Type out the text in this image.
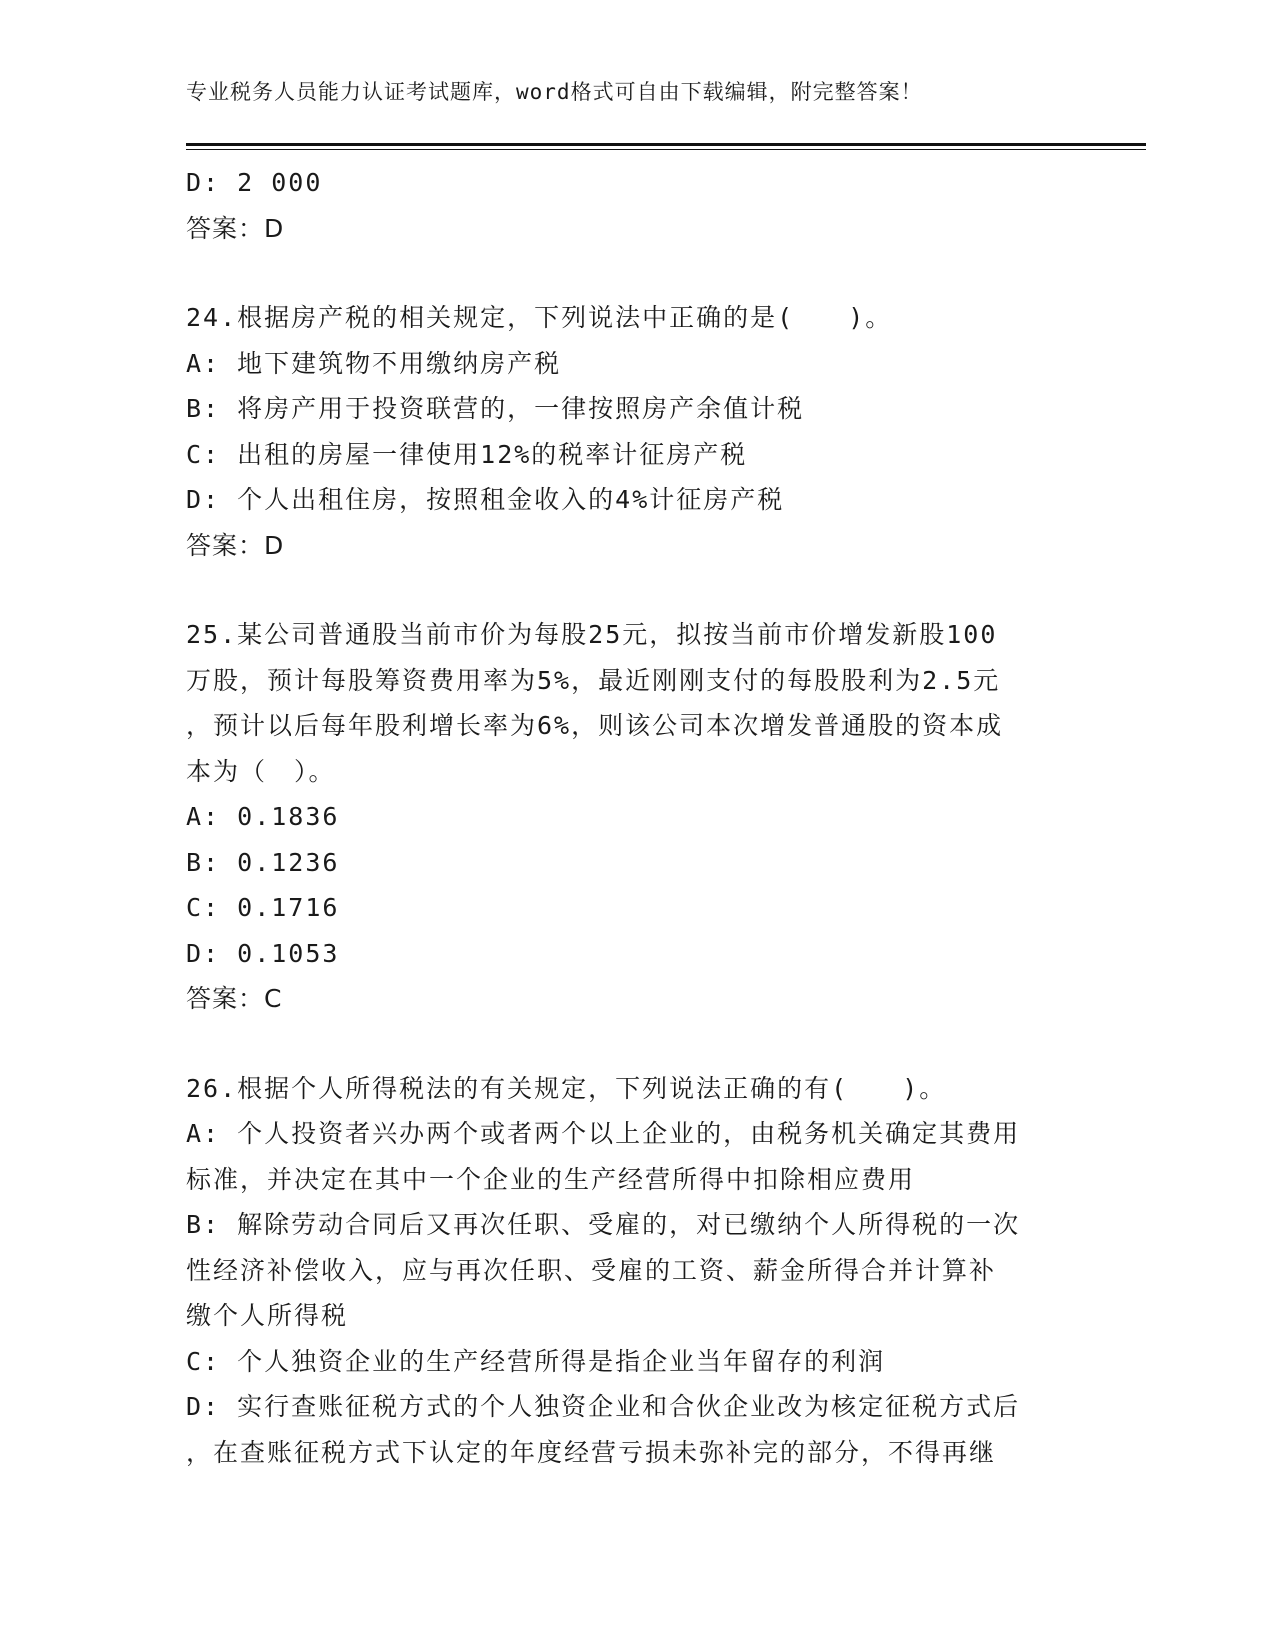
专业税务人员能力认证考试题库，word格式可自由下载编辑，附完整答案！
D: 2 000
答案：D
24.根据房产税的相关规定，下列说法中正确的是(　　)。
A: 地下建筑物不用缴纳房产税
B: 将房产用于投资联营的，一律按照房产余值计税
C: 出租的房屋一律使用12%的税率计征房产税
D: 个人出租住房，按照租金收入的4%计征房产税
答案：D
25.某公司普通股当前市价为每股25元，拟按当前市价增发新股100
万股，预计每股筹资费用率为5%，最近刚刚支付的每股股利为2.5元
，预计以后每年股利增长率为6%，则该公司本次增发普通股的资本成
本为（　）。
A: 0.1836
B: 0.1236
C: 0.1716
D: 0.1053
答案：C
26.根据个人所得税法的有关规定，下列说法正确的有(　　)。
A: 个人投资者兴办两个或者两个以上企业的，由税务机关确定其费用
标准，并决定在其中一个企业的生产经营所得中扣除相应费用
B: 解除劳动合同后又再次任职、受雇的，对已缴纳个人所得税的一次
性经济补偿收入，应与再次任职、受雇的工资、薪金所得合并计算补
缴个人所得税
C: 个人独资企业的生产经营所得是指企业当年留存的利润
D: 实行查账征税方式的个人独资企业和合伙企业改为核定征税方式后
，在查账征税方式下认定的年度经营亏损未弥补完的部分，不得再继
